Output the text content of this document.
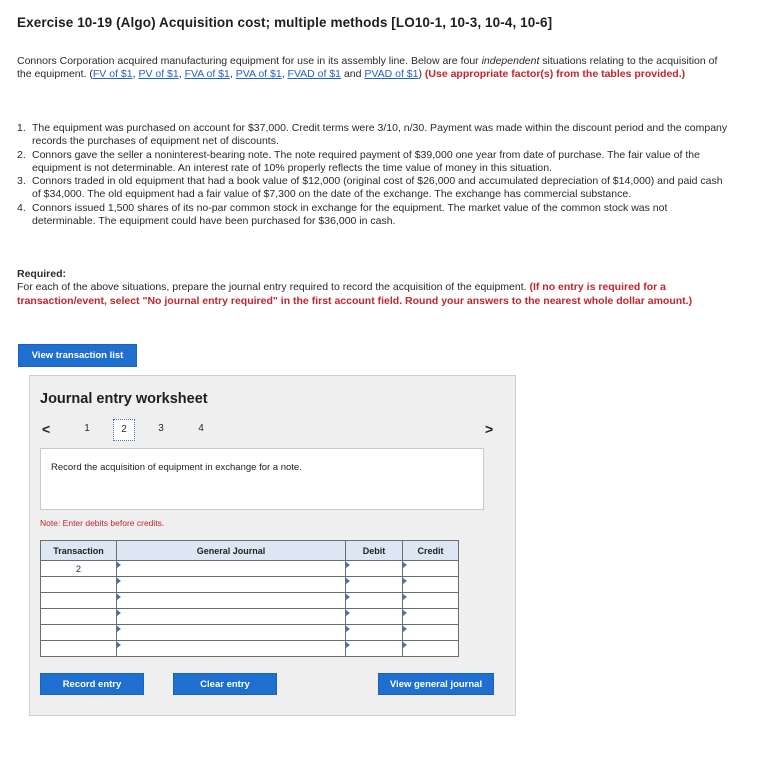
Exercise 10-19 (Algo) Acquisition cost; multiple methods [LO10-1, 10-3, 10-4, 10-6]
Connors Corporation acquired manufacturing equipment for use in its assembly line. Below are four independent situations relating to the acquisition of the equipment. (FV of $1, PV of $1, FVA of $1, PVA of $1, FVAD of $1 and PVAD of $1) (Use appropriate factor(s) from the tables provided.)
1. The equipment was purchased on account for $37,000. Credit terms were 3/10, n/30. Payment was made within the discount period and the company records the purchases of equipment net of discounts.
2. Connors gave the seller a noninterest-bearing note. The note required payment of $39,000 one year from date of purchase. The fair value of the equipment is not determinable. An interest rate of 10% properly reflects the time value of money in this situation.
3. Connors traded in old equipment that had a book value of $12,000 (original cost of $26,000 and accumulated depreciation of $14,000) and paid cash of $34,000. The old equipment had a fair value of $7,300 on the date of the exchange. The exchange has commercial substance.
4. Connors issued 1,500 shares of its no-par common stock in exchange for the equipment. The market value of the common stock was not determinable. The equipment could have been purchased for $36,000 in cash.
Required:
For each of the above situations, prepare the journal entry required to record the acquisition of the equipment. (If no entry is required for a transaction/event, select "No journal entry required" in the first account field. Round your answers to the nearest whole dollar amount.)
View transaction list
Journal entry worksheet
<	1	2	3	4	>
Record the acquisition of equipment in exchange for a note.
Note: Enter debits before credits.
Transaction	General Journal	Debit	Credit
2			

Record entry	Clear entry	View general journal
